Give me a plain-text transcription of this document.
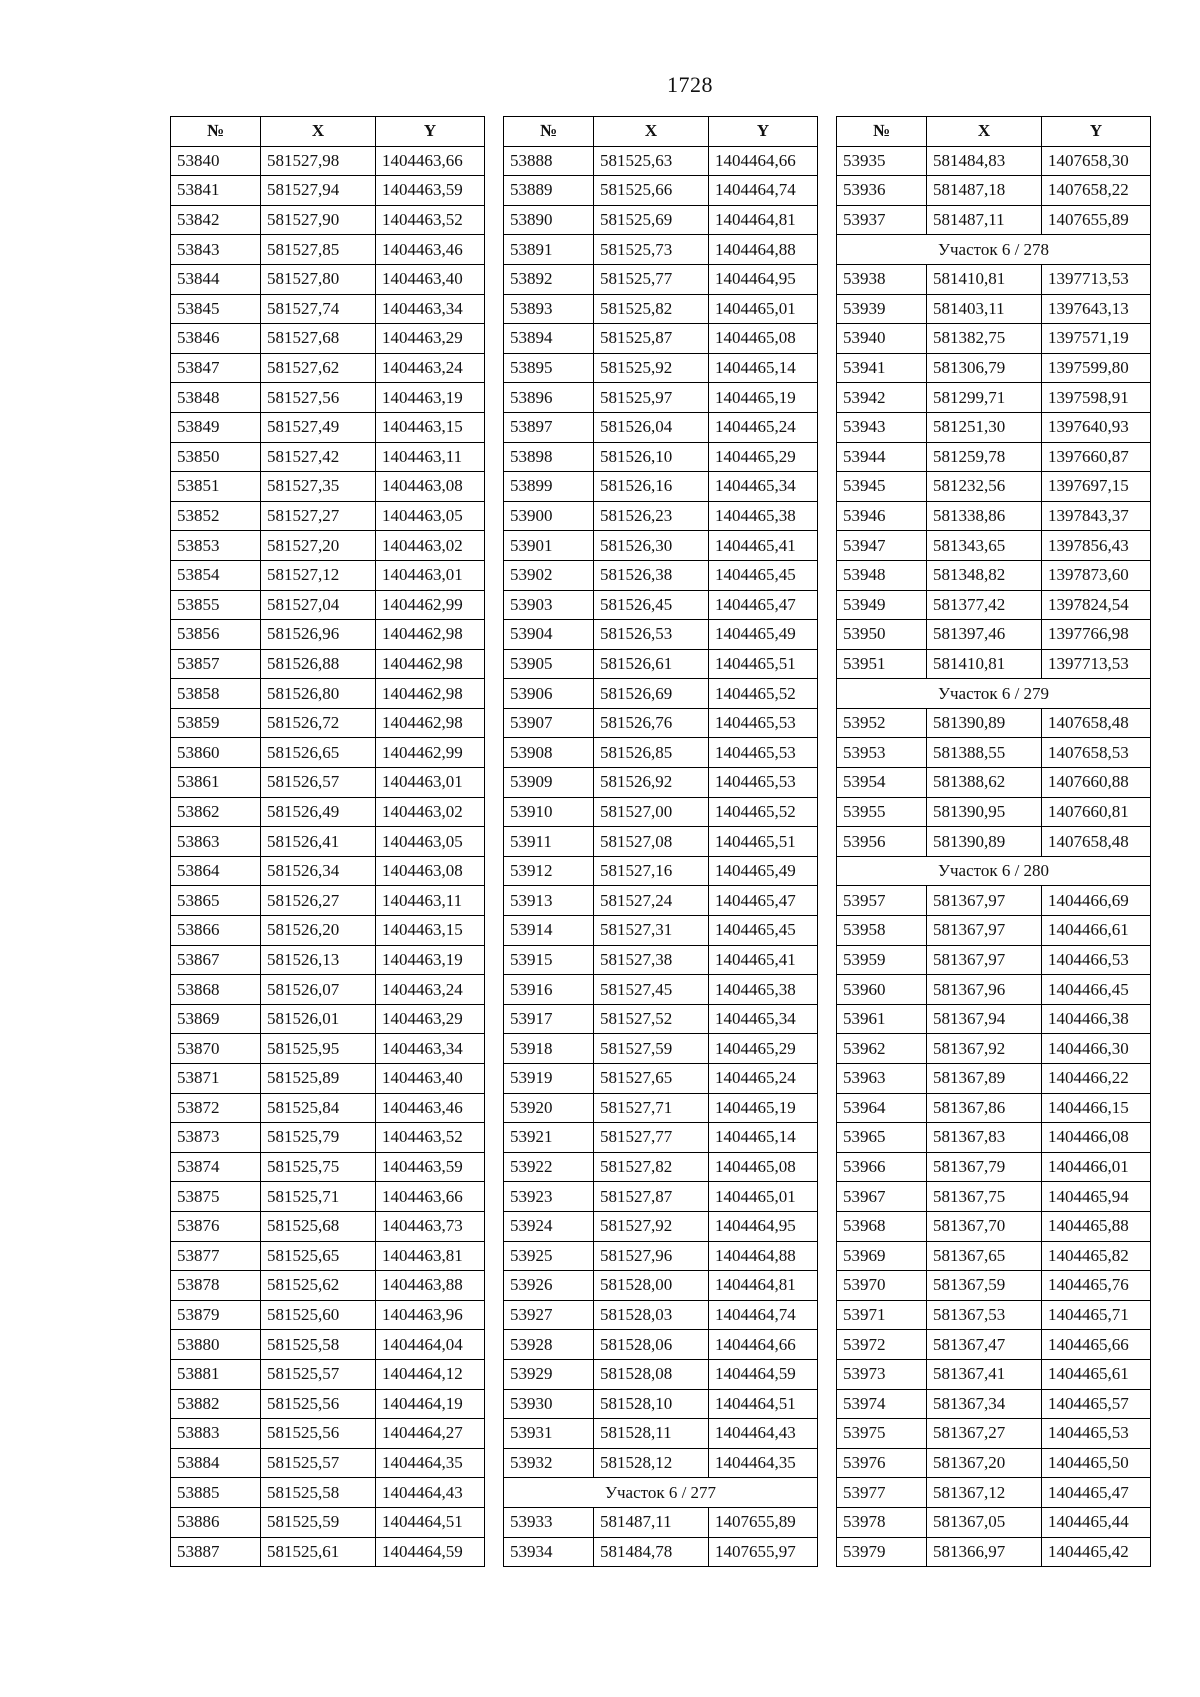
1728
№	X	Y
53840	581527,98	1404463,66
53841	581527,94	1404463,59
53842	581527,90	1404463,52
53843	581527,85	1404463,46
53844	581527,80	1404463,40
53845	581527,74	1404463,34
53846	581527,68	1404463,29
53847	581527,62	1404463,24
53848	581527,56	1404463,19
53849	581527,49	1404463,15
53850	581527,42	1404463,11
53851	581527,35	1404463,08
53852	581527,27	1404463,05
53853	581527,20	1404463,02
53854	581527,12	1404463,01
53855	581527,04	1404462,99
53856	581526,96	1404462,98
53857	581526,88	1404462,98
53858	581526,80	1404462,98
53859	581526,72	1404462,98
53860	581526,65	1404462,99
53861	581526,57	1404463,01
53862	581526,49	1404463,02
53863	581526,41	1404463,05
53864	581526,34	1404463,08
53865	581526,27	1404463,11
53866	581526,20	1404463,15
53867	581526,13	1404463,19
53868	581526,07	1404463,24
53869	581526,01	1404463,29
53870	581525,95	1404463,34
53871	581525,89	1404463,40
53872	581525,84	1404463,46
53873	581525,79	1404463,52
53874	581525,75	1404463,59
53875	581525,71	1404463,66
53876	581525,68	1404463,73
53877	581525,65	1404463,81
53878	581525,62	1404463,88
53879	581525,60	1404463,96
53880	581525,58	1404464,04
53881	581525,57	1404464,12
53882	581525,56	1404464,19
53883	581525,56	1404464,27
53884	581525,57	1404464,35
53885	581525,58	1404464,43
53886	581525,59	1404464,51
53887	581525,61	1404464,59
№	X	Y
53888	581525,63	1404464,66
53889	581525,66	1404464,74
53890	581525,69	1404464,81
53891	581525,73	1404464,88
53892	581525,77	1404464,95
53893	581525,82	1404465,01
53894	581525,87	1404465,08
53895	581525,92	1404465,14
53896	581525,97	1404465,19
53897	581526,04	1404465,24
53898	581526,10	1404465,29
53899	581526,16	1404465,34
53900	581526,23	1404465,38
53901	581526,30	1404465,41
53902	581526,38	1404465,45
53903	581526,45	1404465,47
53904	581526,53	1404465,49
53905	581526,61	1404465,51
53906	581526,69	1404465,52
53907	581526,76	1404465,53
53908	581526,85	1404465,53
53909	581526,92	1404465,53
53910	581527,00	1404465,52
53911	581527,08	1404465,51
53912	581527,16	1404465,49
53913	581527,24	1404465,47
53914	581527,31	1404465,45
53915	581527,38	1404465,41
53916	581527,45	1404465,38
53917	581527,52	1404465,34
53918	581527,59	1404465,29
53919	581527,65	1404465,24
53920	581527,71	1404465,19
53921	581527,77	1404465,14
53922	581527,82	1404465,08
53923	581527,87	1404465,01
53924	581527,92	1404464,95
53925	581527,96	1404464,88
53926	581528,00	1404464,81
53927	581528,03	1404464,74
53928	581528,06	1404464,66
53929	581528,08	1404464,59
53930	581528,10	1404464,51
53931	581528,11	1404464,43
53932	581528,12	1404464,35
Участок 6 / 277		
53933	581487,11	1407655,89
53934	581484,78	1407655,97
№	X	Y
53935	581484,83	1407658,30
53936	581487,18	1407658,22
53937	581487,11	1407655,89
Участок 6 / 278		
53938	581410,81	1397713,53
53939	581403,11	1397643,13
53940	581382,75	1397571,19
53941	581306,79	1397599,80
53942	581299,71	1397598,91
53943	581251,30	1397640,93
53944	581259,78	1397660,87
53945	581232,56	1397697,15
53946	581338,86	1397843,37
53947	581343,65	1397856,43
53948	581348,82	1397873,60
53949	581377,42	1397824,54
53950	581397,46	1397766,98
53951	581410,81	1397713,53
Участок 6 / 279		
53952	581390,89	1407658,48
53953	581388,55	1407658,53
53954	581388,62	1407660,88
53955	581390,95	1407660,81
53956	581390,89	1407658,48
Участок 6 / 280		
53957	581367,97	1404466,69
53958	581367,97	1404466,61
53959	581367,97	1404466,53
53960	581367,96	1404466,45
53961	581367,94	1404466,38
53962	581367,92	1404466,30
53963	581367,89	1404466,22
53964	581367,86	1404466,15
53965	581367,83	1404466,08
53966	581367,79	1404466,01
53967	581367,75	1404465,94
53968	581367,70	1404465,88
53969	581367,65	1404465,82
53970	581367,59	1404465,76
53971	581367,53	1404465,71
53972	581367,47	1404465,66
53973	581367,41	1404465,61
53974	581367,34	1404465,57
53975	581367,27	1404465,53
53976	581367,20	1404465,50
53977	581367,12	1404465,47
53978	581367,05	1404465,44
53979	581366,97	1404465,42
